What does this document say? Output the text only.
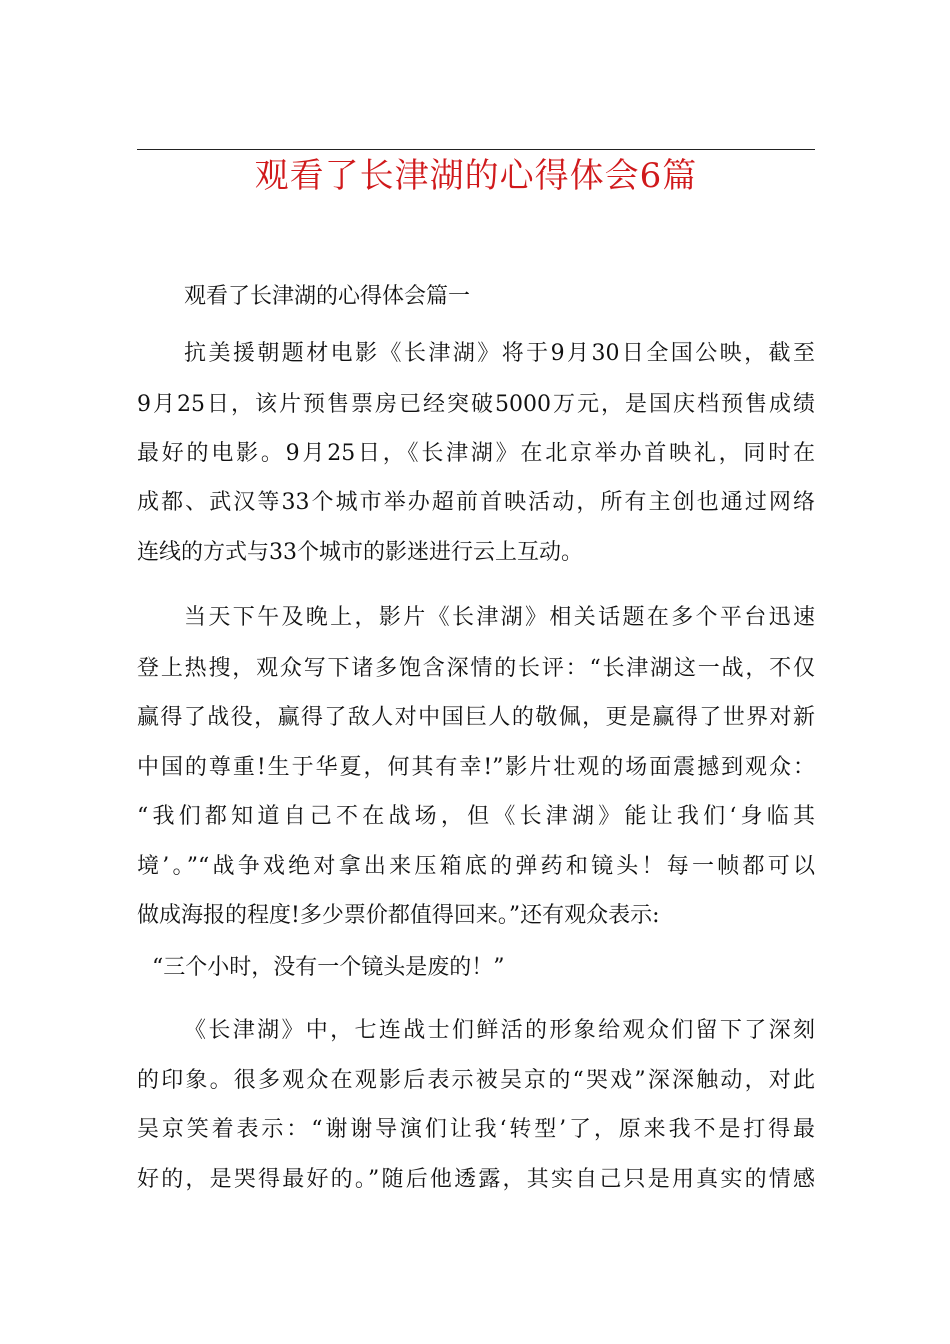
观看了长津湖的心得体会6篇
观看了长津湖的心得体会篇一
抗美援朝题材电影《长津湖》将于9月30日全国公映，截至
9月25日，该片预售票房已经突破5000万元，是国庆档预售成绩
最好的电影。9月25日，《长津湖》在北京举办首映礼，同时在
成都、武汉等33个城市举办超前首映活动，所有主创也通过网络
连线的方式与33个城市的影迷进行云上互动。
当天下午及晚上，影片《长津湖》相关话题在多个平台迅速
登上热搜，观众写下诸多饱含深情的长评：“长津湖这一战，不仅
赢得了战役，赢得了敌人对中国巨人的敬佩，更是赢得了世界对新
中国的尊重!生于华夏，何其有幸!”影片壮观的场面震撼到观众：
“我们都知道自己不在战场，但《长津湖》能让我们‘身临其
境’。”“战争戏绝对拿出来压箱底的弹药和镜头！每一帧都可以
做成海报的程度!多少票价都值得回来。”还有观众表示:
“三个小时，没有一个镜头是废的！”
《长津湖》中，七连战士们鲜活的形象给观众们留下了深刻
的印象。很多观众在观影后表示被吴京的“哭戏”深深触动，对此
吴京笑着表示：“谢谢导演们让我‘转型’了，原来我不是打得最
好的，是哭得最好的。”随后他透露，其实自己只是用真实的情感
